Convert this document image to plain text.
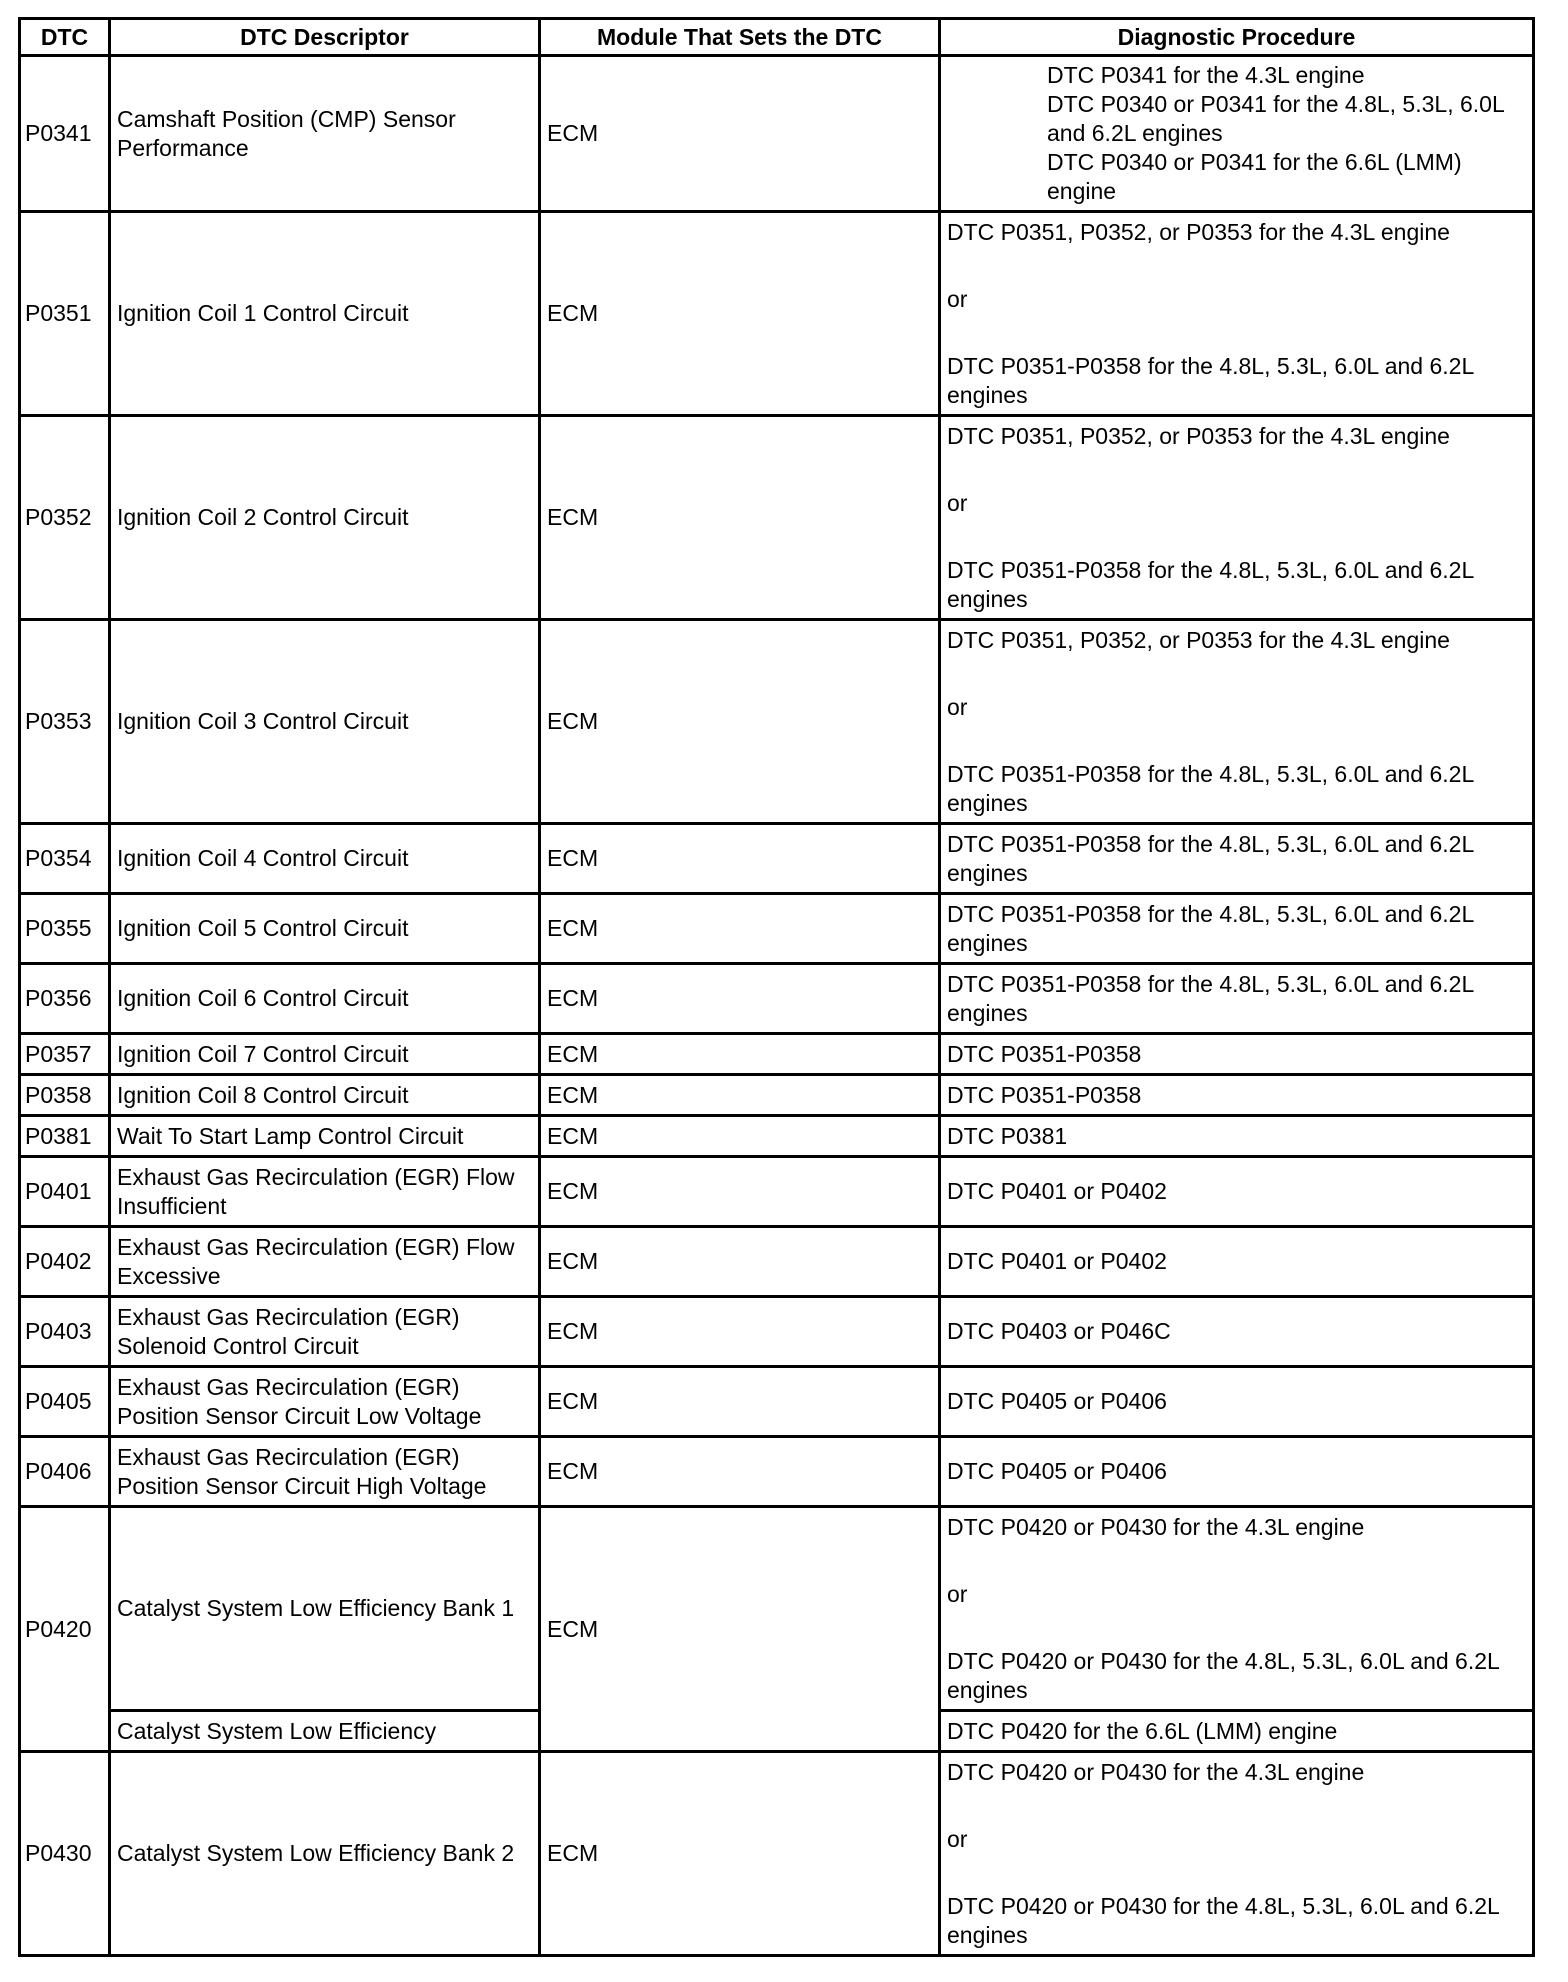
DTC	DTC Descriptor	Module That Sets the DTC	Diagnostic Procedure
P0341	Camshaft Position (CMP) Sensor Performance	ECM	DTC P0341 for the 4.3L engine
DTC P0340 or P0341 for the 4.8L, 5.3L, 6.0L and 6.2L engines
DTC P0340 or P0341 for the 6.6L (LMM) engine

P0351	Ignition Coil 1 Control Circuit	ECM	DTC P0351, P0352, or P0353 for the 4.3L engine
or
DTC P0351-P0358 for the 4.8L, 5.3L, 6.0L and 6.2L engines

P0352	Ignition Coil 2 Control Circuit	ECM	DTC P0351, P0352, or P0353 for the 4.3L engine
or
DTC P0351-P0358 for the 4.8L, 5.3L, 6.0L and 6.2L engines

P0353	Ignition Coil 3 Control Circuit	ECM	DTC P0351, P0352, or P0353 for the 4.3L engine
or
DTC P0351-P0358 for the 4.8L, 5.3L, 6.0L and 6.2L engines

P0354	Ignition Coil 4 Control Circuit	ECM	DTC P0351-P0358 for the 4.8L, 5.3L, 6.0L and 6.2L engines
P0355	Ignition Coil 5 Control Circuit	ECM	DTC P0351-P0358 for the 4.8L, 5.3L, 6.0L and 6.2L engines
P0356	Ignition Coil 6 Control Circuit	ECM	DTC P0351-P0358 for the 4.8L, 5.3L, 6.0L and 6.2L engines
P0357	Ignition Coil 7 Control Circuit	ECM	DTC P0351-P0358
P0358	Ignition Coil 8 Control Circuit	ECM	DTC P0351-P0358
P0381	Wait To Start Lamp Control Circuit	ECM	DTC P0381
P0401	Exhaust Gas Recirculation (EGR) Flow Insufficient	ECM	DTC P0401 or P0402
P0402	Exhaust Gas Recirculation (EGR) Flow Excessive	ECM	DTC P0401 or P0402
P0403	Exhaust Gas Recirculation (EGR) Solenoid Control Circuit	ECM	DTC P0403 or P046C
P0405	Exhaust Gas Recirculation (EGR) Position Sensor Circuit Low Voltage	ECM	DTC P0405 or P0406
P0406	Exhaust Gas Recirculation (EGR) Position Sensor Circuit High Voltage	ECM	DTC P0405 or P0406
P0420	Catalyst System Low Efficiency Bank 1	ECM	DTC P0420 or P0430 for the 4.3L engine
or
DTC P0420 or P0430 for the 4.8L, 5.3L, 6.0L and 6.2L engines

	Catalyst System Low Efficiency		DTC P0420 for the 6.6L (LMM) engine
P0430	Catalyst System Low Efficiency Bank 2	ECM	DTC P0420 or P0430 for the 4.3L engine
or
DTC P0420 or P0430 for the 4.8L, 5.3L, 6.0L and 6.2L engines
